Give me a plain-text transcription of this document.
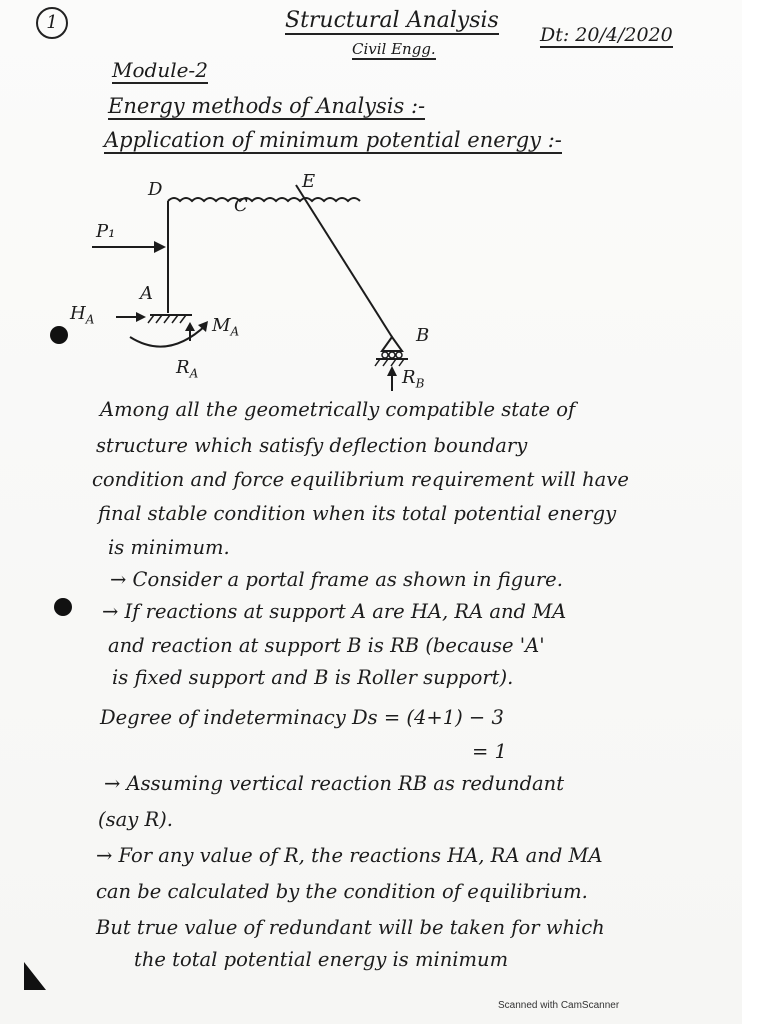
1	Structural Analysis
Civil Engg.
Dt: 20/4/2020
Module-2
Energy methods of Analysis :-
Application of minimum potential energy :-
D
C
E
P₁
A
B
$H_A$	$M_A$
$R_A$	$R_B$
Among all the geometrically compatible state of
structure which satisfy deflection boundary
condition and force equilibrium requirement will have
final stable condition when its total potential energy
is minimum.
→ Consider a portal frame as shown in figure.
→ If reactions at support A are HA, RA and MA
and reaction at support B is RB (because 'A'
is fixed support and B is Roller support).
Degree of indeterminacy Ds = (4+1) − 3
= 1
→ Assuming vertical reaction RB as redundant
(say R).
→ For any value of R, the reactions HA, RA and MA
can be calculated by the condition of equilibrium.
But true value of redundant will be taken for which
the total potential energy is minimum
Scanned with CamScanner
